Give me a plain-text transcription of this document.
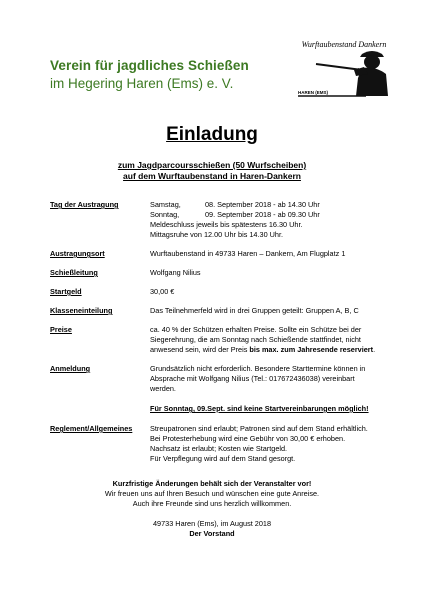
Verein für jagdliches Schießen
im Hegering Haren (Ems) e. V.
Wurftaubenstand Dankern
HAREN (EMS)
Einladung
zum Jagdparcoursschießen (50 Wurfscheiben)
auf dem Wurftaubenstand in Haren-Dankern
Tag der Austragung	Samstag,	08. September 2018 - ab 14.30 Uhr
Sonntag,	09. September 2018 - ab 09.30 Uhr
Meldeschluss jeweils bis spätestens 16.30 Uhr.
Mittagsruhe von 12.00 Uhr bis 14.30 Uhr.
Austragungsort	Wurftaubenstand in 49733 Haren – Dankern, Am Flugplatz 1
Schießleitung	Wolfgang Nilius
Startgeld	30,00 €
Klasseneinteilung	Das Teilnehmerfeld wird in drei Gruppen geteilt: Gruppen A, B, C
Preise	ca. 40 % der Schützen erhalten Preise. Sollte ein Schütze bei der
Siegerehrung, die am Sonntag nach Schießende stattfindet, nicht
anwesend sein, wird der Preis bis max. zum Jahresende reserviert.
Anmeldung	Grundsätzlich nicht erforderlich. Besondere Starttermine können in
Absprache mit Wolfgang Nilius (Tel.: 017672436038) vereinbart
werden.
Für Sonntag, 09.Sept. sind keine Startvereinbarungen möglich!
Reglement/Allgemeines	Streupatronen sind erlaubt; Patronen sind auf dem Stand erhältlich.
Bei Protesterhebung wird eine Gebühr von 30,00 € erhoben.
Nachsatz ist erlaubt; Kosten wie Startgeld.
Für Verpflegung wird auf dem Stand gesorgt.
Kurzfristige Änderungen behält sich der Veranstalter vor!
Wir freuen uns auf Ihren Besuch und wünschen eine gute Anreise.
Auch ihre Freunde sind uns herzlich willkommen.
49733 Haren (Ems), im August 2018
Der Vorstand
